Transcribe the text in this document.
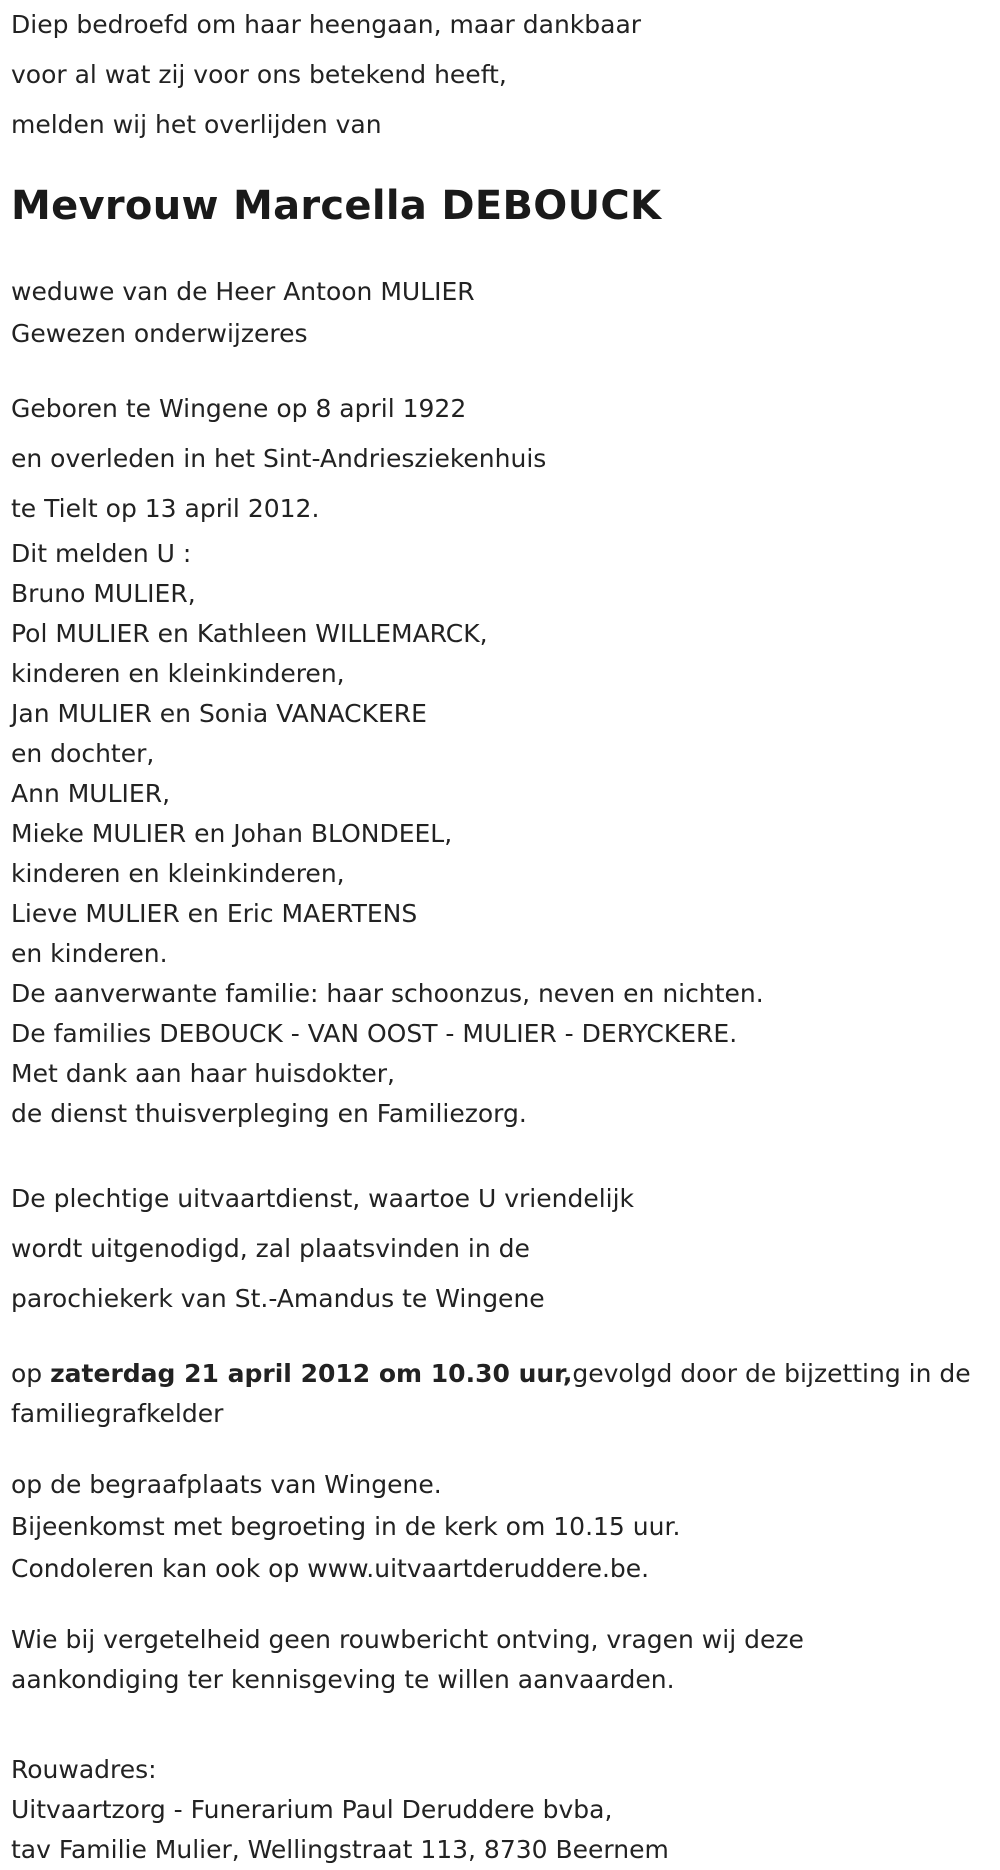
Diep bedroefd om haar heengaan, maar dankbaar

voor al wat zij voor ons betekend heeft,

melden wij het overlijden van

Mevrouw Marcella DEBOUCK

weduwe van de Heer Antoon MULIER

Gewezen onderwijzeres

Geboren te Wingene op 8 april 1922

en overleden in het Sint-Andriesziekenhuis

te Tielt op 13 april 2012.

Dit melden U :

Bruno MULIER,

Pol MULIER en Kathleen WILLEMARCK,

kinderen en kleinkinderen,

Jan MULIER en Sonia VANACKERE

en dochter,

Ann MULIER,

Mieke MULIER en Johan BLONDEEL,

kinderen en kleinkinderen,

Lieve MULIER en Eric MAERTENS

en kinderen.

De aanverwante familie: haar schoonzus, neven en nichten.

De families DEBOUCK - VAN OOST - MULIER - DERYCKERE.

Met dank aan haar huisdokter,

de dienst thuisverpleging en Familiezorg.

De plechtige uitvaartdienst, waartoe U vriendelijk

wordt uitgenodigd, zal plaatsvinden in de

parochiekerk van St.-Amandus te Wingene

op zaterdag 21 april 2012 om 10.30 uur,gevolgd door de bijzetting in de familiegrafkelder

op de begraafplaats van Wingene.

Bijeenkomst met begroeting in de kerk om 10.15 uur.

Condoleren kan ook op www.uitvaartderuddere.be.

Wie bij vergetelheid geen rouwbericht ontving, vragen wij deze aankondiging ter kennisgeving te willen aanvaarden.

Rouwadres:

Uitvaartzorg - Funerarium Paul Deruddere bvba,

tav Familie Mulier, Wellingstraat 113, 8730 Beernem
